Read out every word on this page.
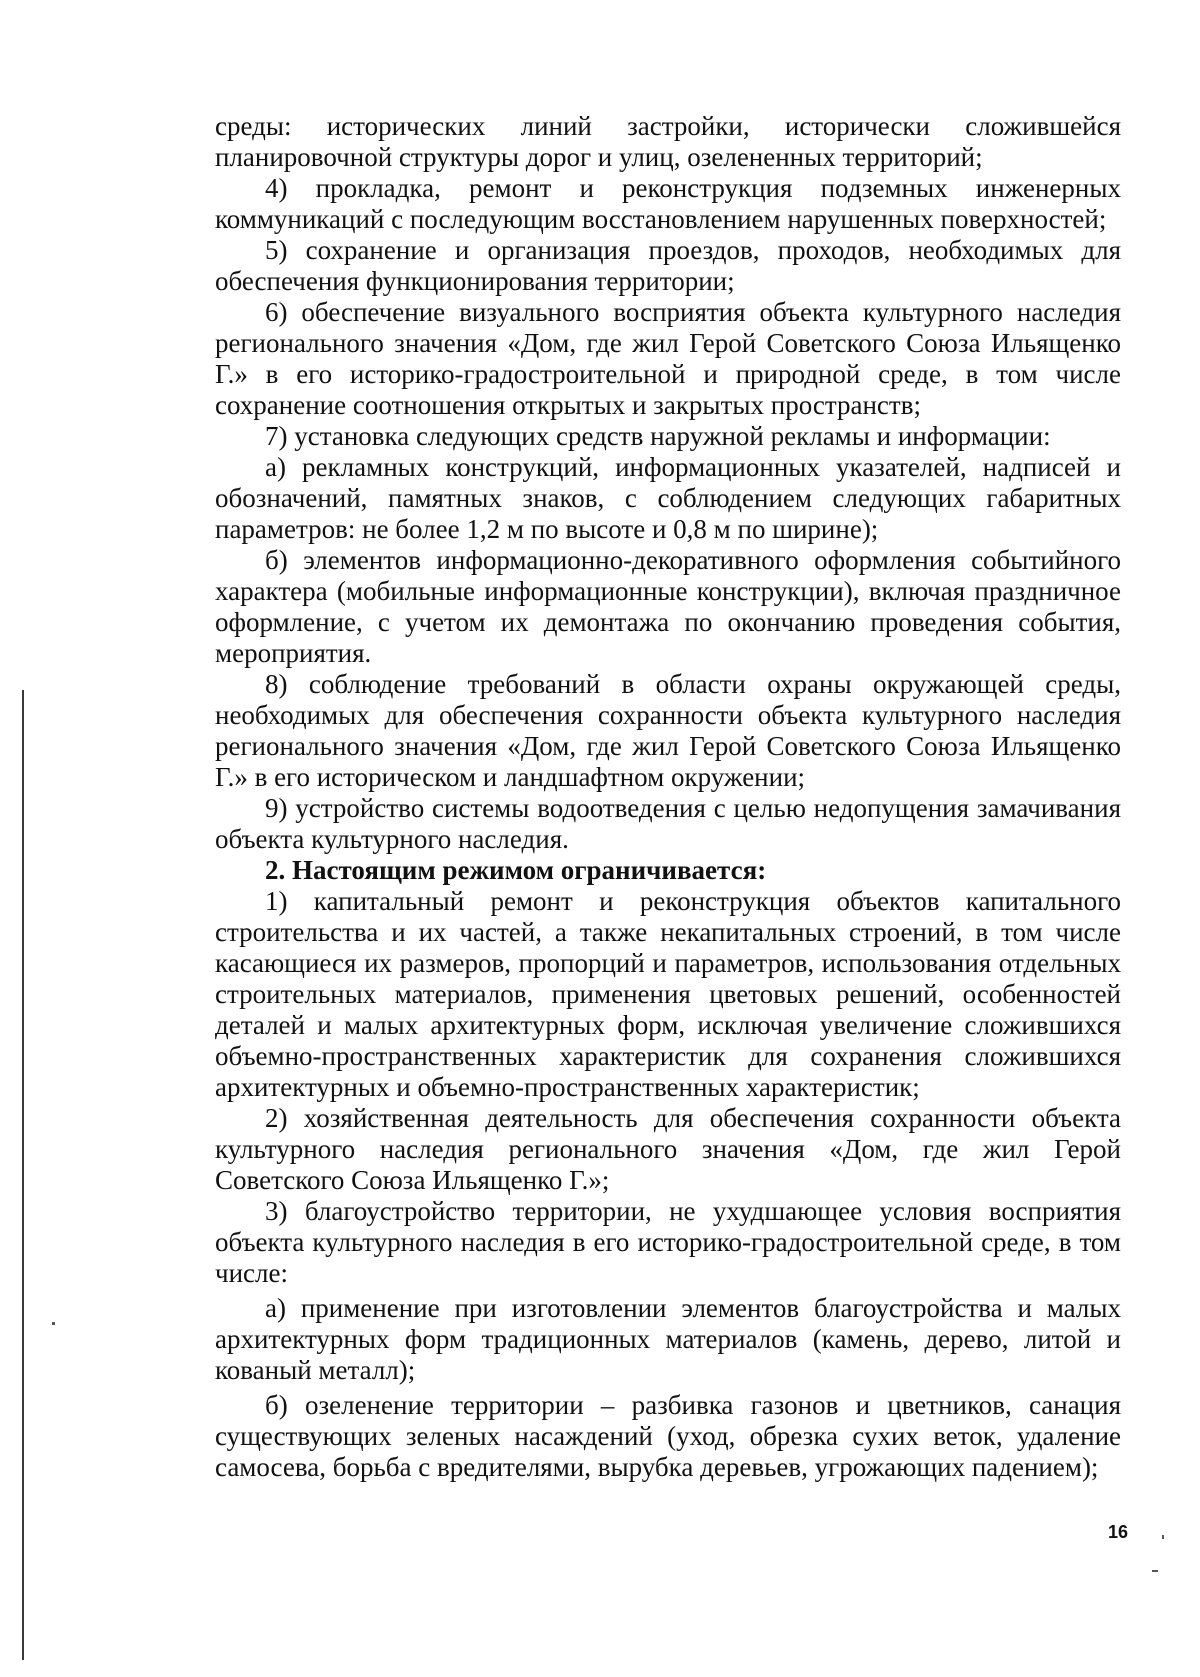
среды: исторических линий застройки, исторически сложившейся планировочной структуры дорог и улиц, озелененных территорий;

4) прокладка, ремонт и реконструкция подземных инженерных коммуникаций с последующим восстановлением нарушенных поверхностей;

5) сохранение и организация проездов, проходов, необходимых для обеспечения функционирования территории;

6) обеспечение визуального восприятия объекта культурного наследия регионального значения «Дом, где жил Герой Советского Союза Ильященко Г.» в его историко-градостроительной и природной среде, в том числе сохранение соотношения открытых и закрытых пространств;

7) установка следующих средств наружной рекламы и информации:

а) рекламных конструкций, информационных указателей, надписей и обозначений, памятных знаков, с соблюдением следующих габаритных параметров: не более 1,2 м по высоте и 0,8 м по ширине);

б) элементов информационно-декоративного оформления событийного характера (мобильные информационные конструкции), включая праздничное оформление, с учетом их демонтажа по окончанию проведения события, мероприятия.

8) соблюдение требований в области охраны окружающей среды, необходимых для обеспечения сохранности объекта культурного наследия регионального значения «Дом, где жил Герой Советского Союза Ильященко Г.» в его историческом и ландшафтном окружении;

9) устройство системы водоотведения с целью недопущения замачивания объекта культурного наследия.

2. Настоящим режимом ограничивается:

1) капитальный ремонт и реконструкция объектов капитального строительства и их частей, а также некапитальных строений, в том числе касающиеся их размеров, пропорций и параметров, использования отдельных строительных материалов, применения цветовых решений, особенностей деталей и малых архитектурных форм, исключая увеличение сложившихся объемно-пространственных характеристик для сохранения сложившихся архитектурных и объемно-пространственных характеристик;

2) хозяйственная деятельность для обеспечения сохранности объекта культурного наследия регионального значения «Дом, где жил Герой Советского Союза Ильященко Г.»;

3) благоустройство территории, не ухудшающее условия восприятия объекта культурного наследия в его историко-градостроительной среде, в том числе:

а) применение при изготовлении элементов благоустройства и малых архитектурных форм традиционных материалов (камень, дерево, литой и кованый металл);

б) озеленение территории – разбивка газонов и цветников, санация существующих зеленых насаждений (уход, обрезка сухих веток, удаление самосева, борьба с вредителями, вырубка деревьев, угрожающих падением);

16
